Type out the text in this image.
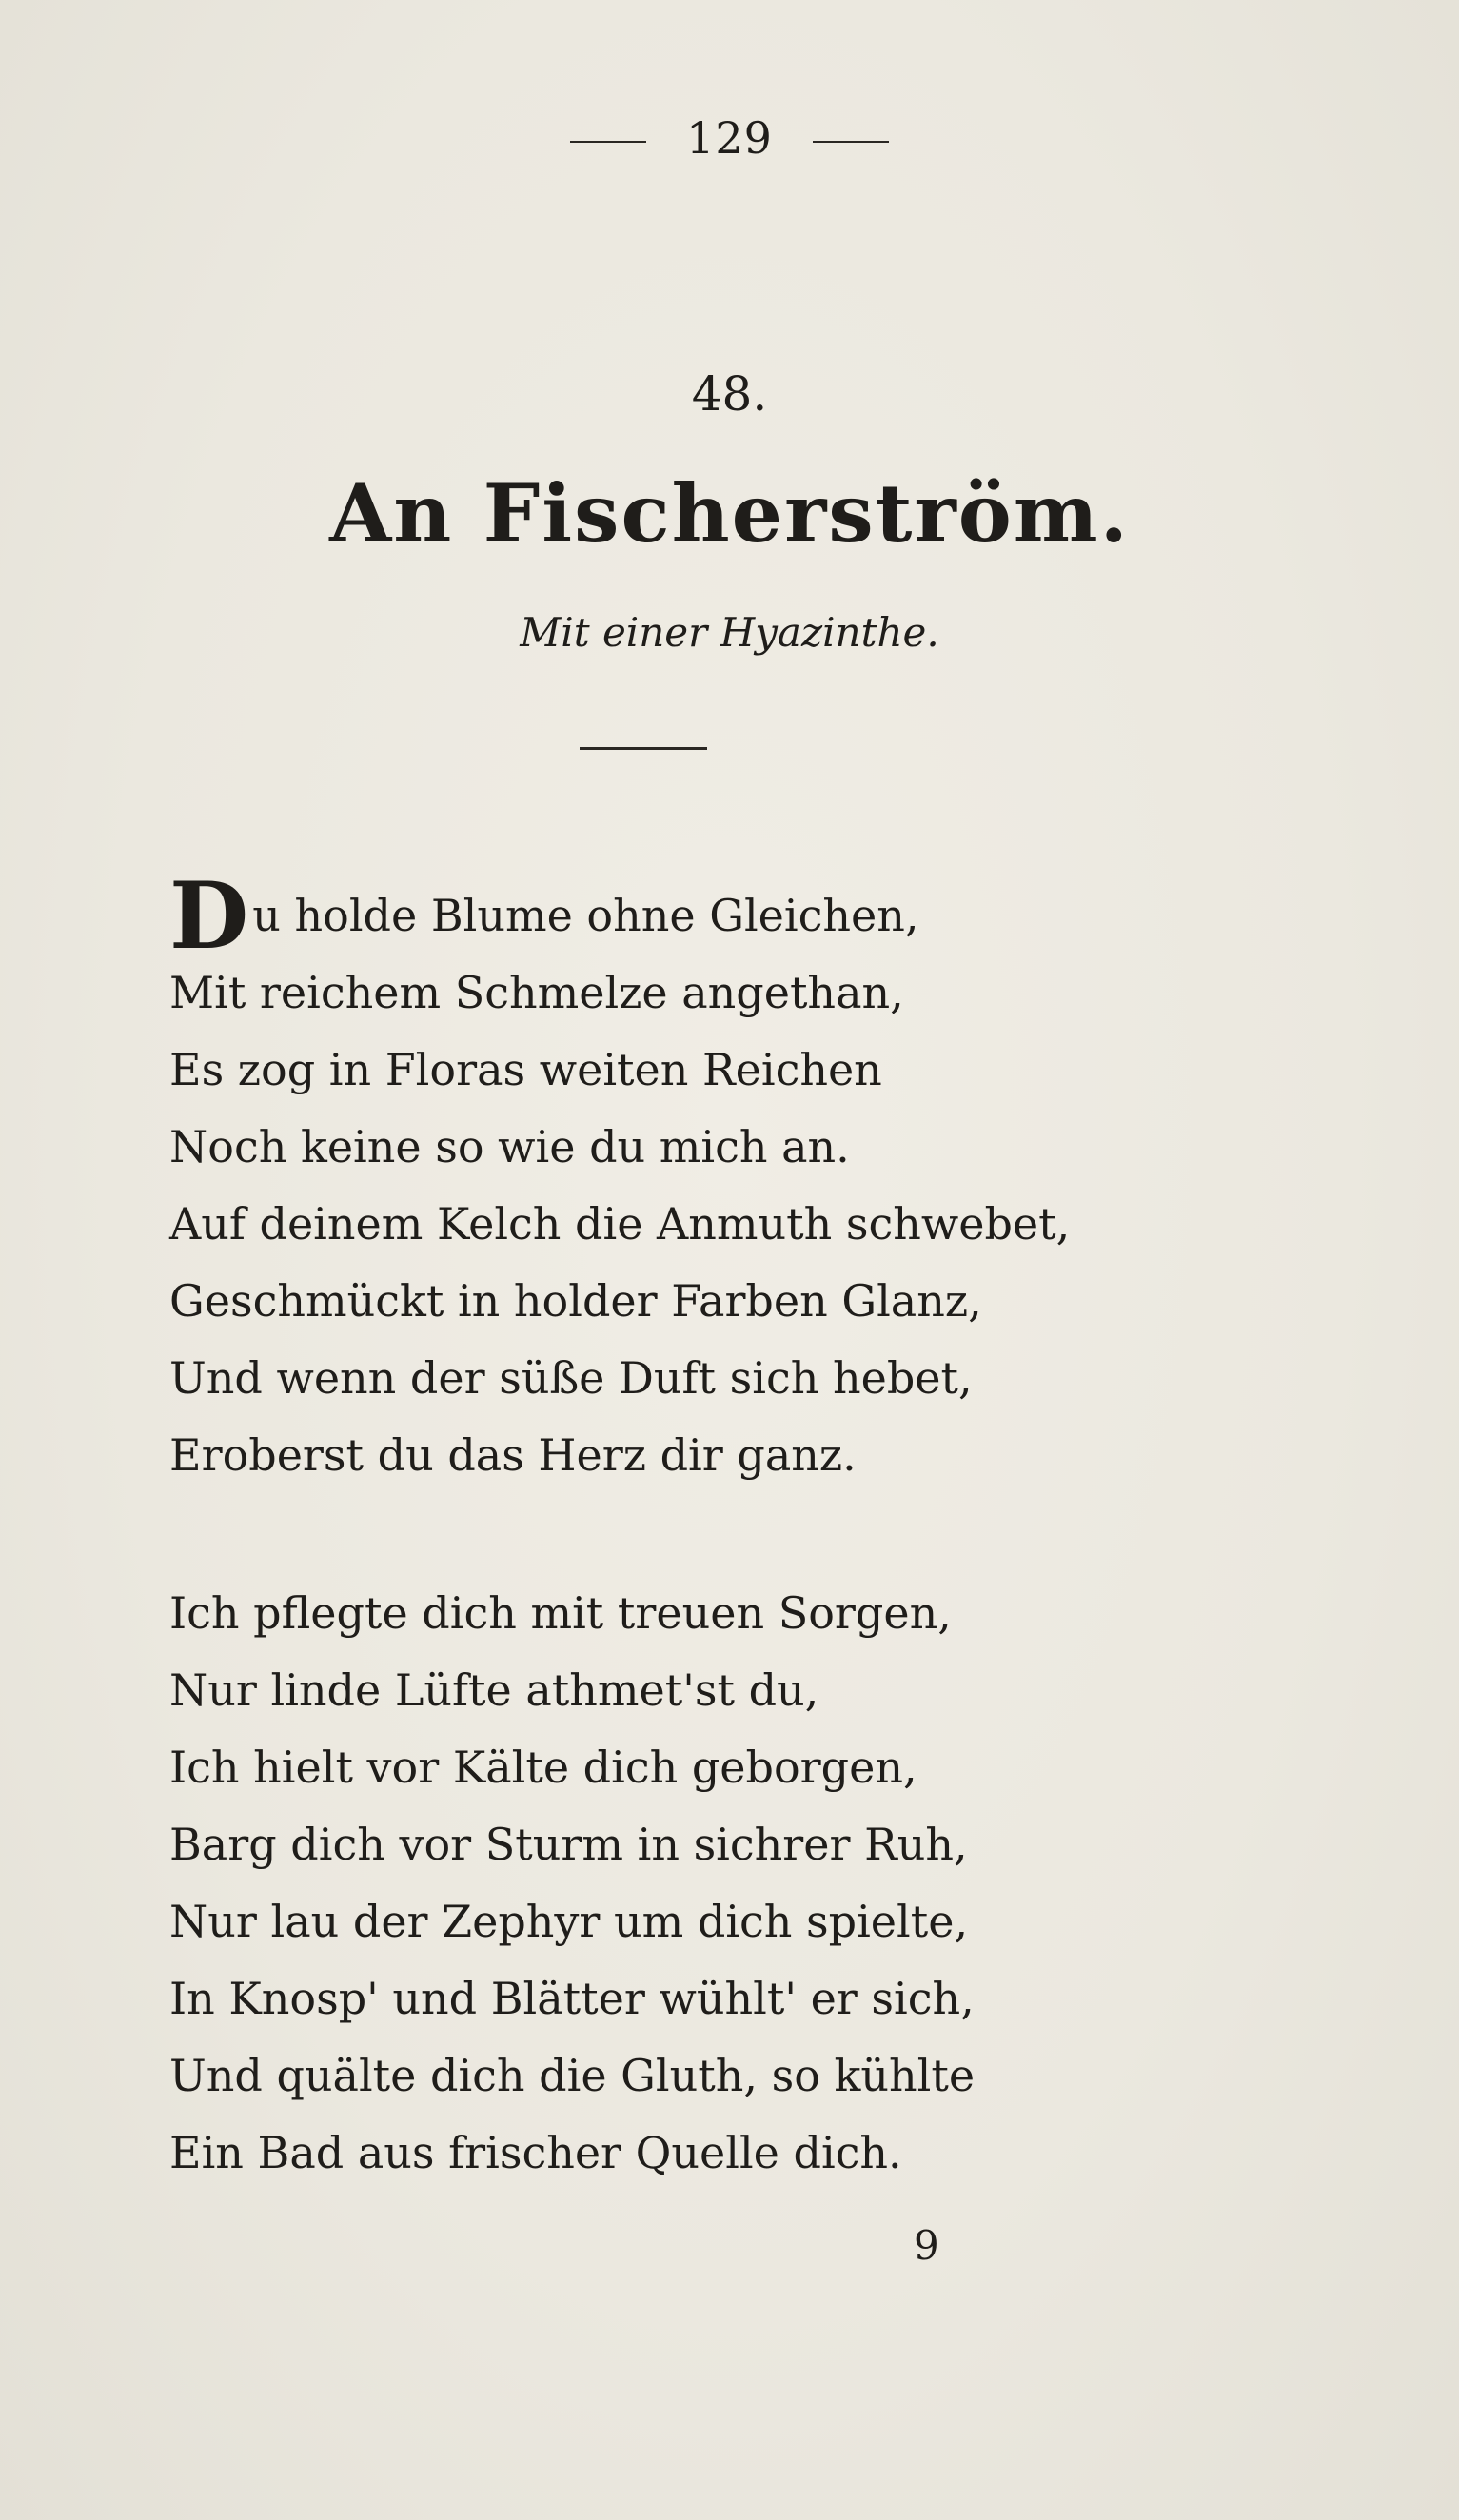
129
48.
An Fischerström.
Mit einer Hyazinthe.
Du holde Blume ohne Gleichen,
Mit reichem Schmelze angethan,
Es zog in Floras weiten Reichen
Noch keine so wie du mich an.
Auf deinem Kelch die Anmuth schwebet,
Geschmückt in holder Farben Glanz,
Und wenn der süße Duft sich hebet,
Eroberst du das Herz dir ganz.
Ich pflegte dich mit treuen Sorgen,
Nur linde Lüfte athmet'st du,
Ich hielt vor Kälte dich geborgen,
Barg dich vor Sturm in sichrer Ruh,
Nur lau der Zephyr um dich spielte,
In Knosp' und Blätter wühlt' er sich,
Und quälte dich die Gluth, so kühlte
Ein Bad aus frischer Quelle dich.
9
